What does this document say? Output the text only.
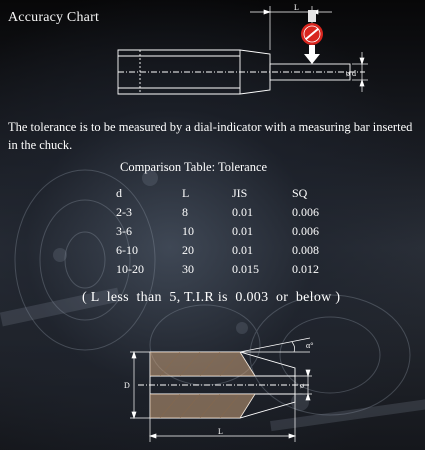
Accuracy Chart
L
ø d
The tolerance is to be measured by a dial-indicator with a measuring bar inserted in the chuck.
Comparison Table: Tolerance
d	L	JIS	SQ
2-3	8	0.01	0.006
3-6	10	0.01	0.006
6-10	20	0.01	0.008
10-20	30	0.015	0.012
( L  less  than  5, T.I.R is  0.003  or  below )
D	ø
α°
L
